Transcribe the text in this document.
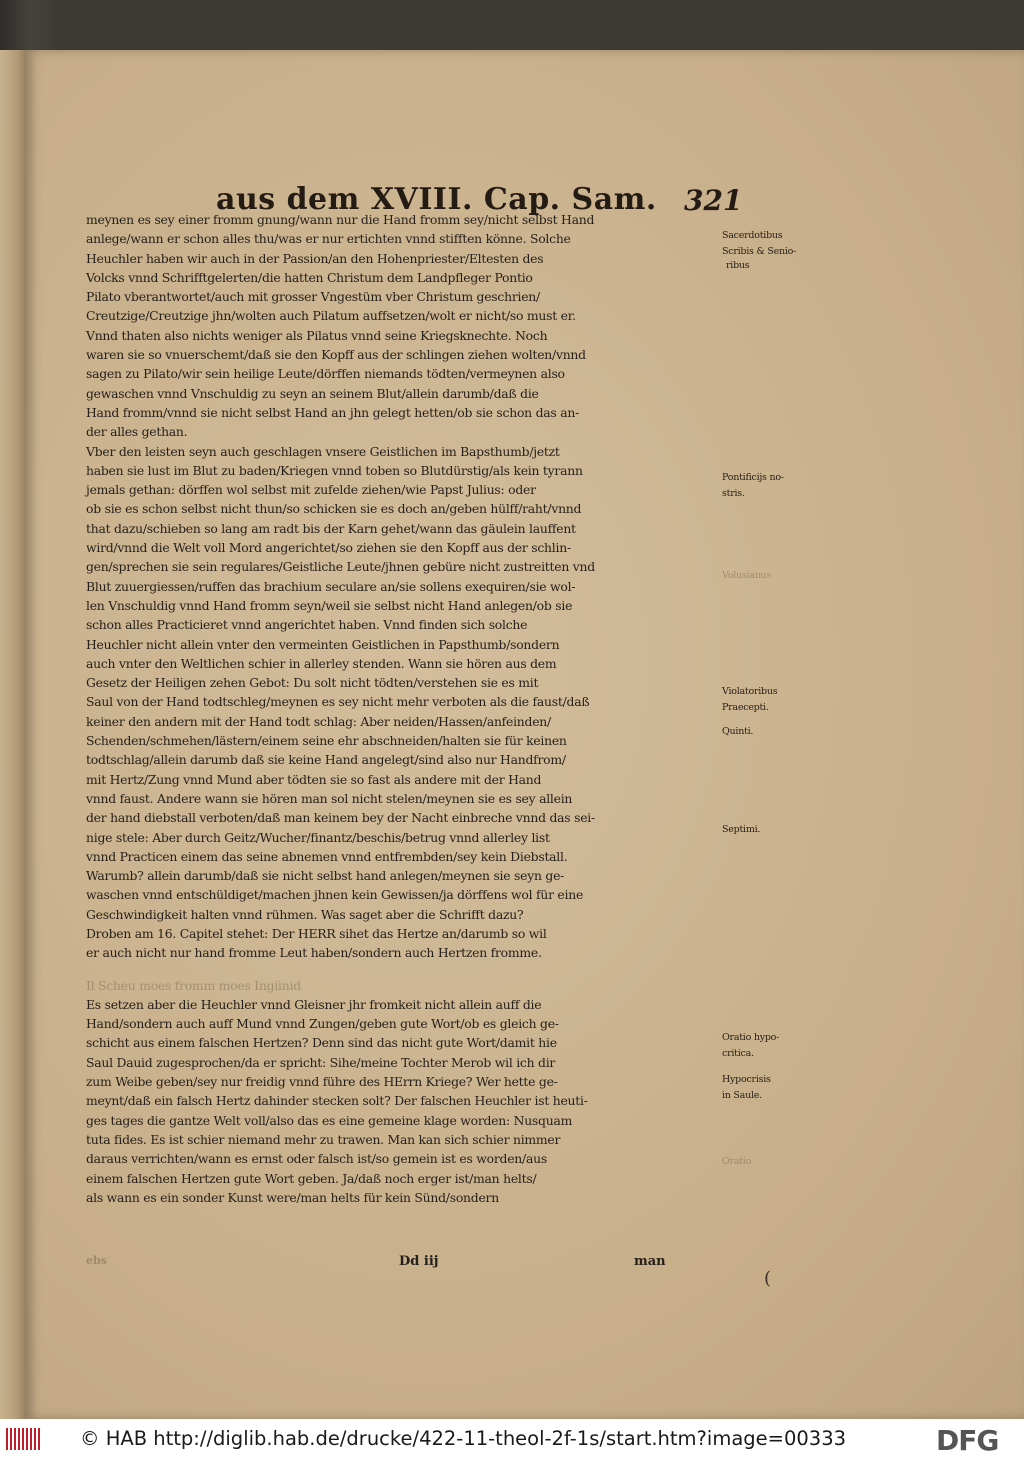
aus dem XVIII. Cap. Sam. 321
meynen es sey einer fromm gnung/wann nur die Hand fromm sey/nicht selbst Hand
anlege/wann er schon alles thu/was er nur ertichten vnnd stifften könne. Solche
Heuchler haben wir auch in der Passion/an den Hohenpriester/Eltesten des
Volcks vnnd Schrifftgelerten/die hatten Christum dem Landpfleger Pontio
Pilato vberantwortet/auch mit grosser Vngestüm vber Christum geschrien/
Creutzige/Creutzige jhn/wolten auch Pilatum auffsetzen/wolt er nicht/so must er.
Vnnd thaten also nichts weniger als Pilatus vnnd seine Kriegsknechte. Noch
waren sie so vnuerschemt/daß sie den Kopff aus der schlingen ziehen wolten/vnnd
sagen zu Pilato/wir sein heilige Leute/dörffen niemands tödten/vermeynen also
gewaschen vnnd Vnschuldig zu seyn an seinem Blut/allein darumb/daß die
Hand fromm/vnnd sie nicht selbst Hand an jhn gelegt hetten/ob sie schon das an-
der alles gethan.
Vber den leisten seyn auch geschlagen vnsere Geistlichen im Bapsthumb/jetzt
haben sie lust im Blut zu baden/Kriegen vnnd toben so Blutdürstig/als kein tyrann
jemals gethan: dörffen wol selbst mit zufelde ziehen/wie Papst Julius: oder
ob sie es schon selbst nicht thun/so schicken sie es doch an/geben hülff/raht/vnnd
that dazu/schieben so lang am radt bis der Karn gehet/wann das gäulein lauffent
wird/vnnd die Welt voll Mord angerichtet/so ziehen sie den Kopff aus der schlin-
gen/sprechen sie sein regulares/Geistliche Leute/jhnen gebüre nicht zustreitten vnd
Blut zuuergiessen/ruffen das brachium seculare an/sie sollens exequiren/sie wol-
len Vnschuldig vnnd Hand fromm seyn/weil sie selbst nicht Hand anlegen/ob sie
schon alles Practicieret vnnd angerichtet haben. Vnnd finden sich solche
Heuchler nicht allein vnter den vermeinten Geistlichen in Papsthumb/sondern
auch vnter den Weltlichen schier in allerley stenden. Wann sie hören aus dem
Gesetz der Heiligen zehen Gebot: Du solt nicht tödten/verstehen sie es mit
Saul von der Hand todtschleg/meynen es sey nicht mehr verboten als die faust/daß
keiner den andern mit der Hand todt schlag: Aber neiden/Hassen/anfeinden/
Schenden/schmehen/lästern/einem seine ehr abschneiden/halten sie für keinen
todtschlag/allein darumb daß sie keine Hand angelegt/sind also nur Handfrom/
mit Hertz/Zung vnnd Mund aber tödten sie so fast als andere mit der Hand
vnnd faust. Andere wann sie hören man sol nicht stelen/meynen sie es sey allein
der hand diebstall verboten/daß man keinem bey der Nacht einbreche vnnd das sei-
nige stele: Aber durch Geitz/Wucher/finantz/beschis/betrug vnnd allerley list
vnnd Practicen einem das seine abnemen vnnd entfrembden/sey kein Diebstall.
Warumb? allein darumb/daß sie nicht selbst hand anlegen/meynen sie seyn ge-
waschen vnnd entschüldiget/machen jhnen kein Gewissen/ja dörffens wol für eine
Geschwindigkeit halten vnnd rühmen. Was saget aber die Schrifft dazu?
Droben am 16. Capitel stehet: Der HERR sihet das Hertze an/darumb so wil
er auch nicht nur hand fromme Leut haben/sondern auch Hertzen fromme.
Il Scheu moes fromm moes Ingiinid
Es setzen aber die Heuchler vnnd Gleisner jhr fromkeit nicht allein auff die
Hand/sondern auch auff Mund vnnd Zungen/geben gute Wort/ob es gleich ge-
schicht aus einem falschen Hertzen? Denn sind das nicht gute Wort/damit hie
Saul Dauid zugesprochen/da er spricht: Sihe/meine Tochter Merob wil ich dir
zum Weibe geben/sey nur freidig vnnd führe des HErrn Kriege? Wer hette ge-
meynt/daß ein falsch Hertz dahinder stecken solt? Der falschen Heuchler ist heuti-
ges tages die gantze Welt voll/also das es eine gemeine klage worden: Nusquam
tuta fides. Es ist schier niemand mehr zu trawen. Man kan sich schier nimmer
daraus verrichten/wann es ernst oder falsch ist/so gemein ist es worden/aus
einem falschen Hertzen gute Wort geben. Ja/daß noch erger ist/man helts/
als wann es ein sonder Kunst were/man helts für kein Sünd/sondern
Sacerdotibus
Scribis & Senio-
ribus
Pontificijs no-
stris.
Volusianus
Violatoribus
Praecepti.
Quinti.
Septimi.
Oratio hypo-
critica.
Hypocrisis
in Saule.
Oratio
ebs	Dd iij	man
(
© HAB http://diglib.hab.de/drucke/422-11-theol-2f-1s/start.htm?image=00333	DFG
